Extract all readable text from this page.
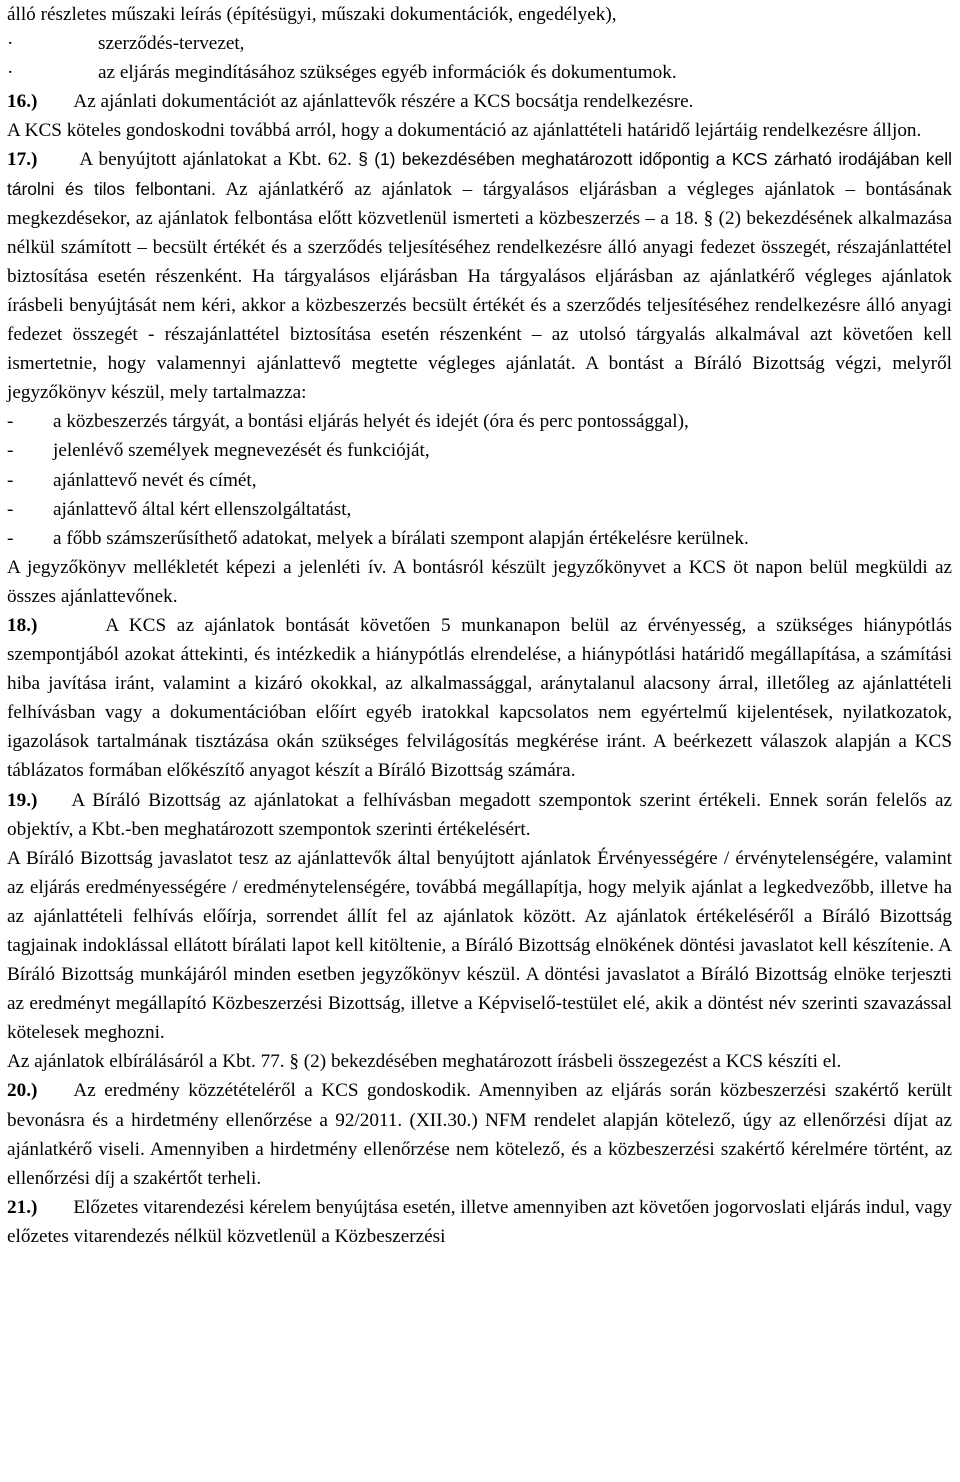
álló részletes műszaki leírás (építésügyi, műszaki dokumentációk, engedélyek),

·	szerződés-tervezet,

·	az eljárás megindításához szükséges egyéb információk és dokumentumok.

16.) Az ajánlati dokumentációt az ajánlattevők részére a KCS bocsátja rendelkezésre.

A KCS köteles gondoskodni továbbá arról, hogy a dokumentáció az ajánlattételi határidő lejártáig rendelkezésre álljon.

17.) A benyújtott ajánlatokat a Kbt. 62. § (1) bekezdésében meghatározott időpontig a KCS zárható irodájában kell tárolni és tilos felbontani. Az ajánlatkérő az ajánlatok – tárgyalásos eljárásban a végleges ajánlatok – bontásának megkezdésekor, az ajánlatok felbontása előtt közvetlenül ismerteti a közbeszerzés – a 18. § (2) bekezdésének alkalmazása nélkül számított – becsült értékét és a szerződés teljesítéséhez rendelkezésre álló anyagi fedezet összegét, részajánlattétel biztosítása esetén részenként. Ha tárgyalásos eljárásban Ha tárgyalásos eljárásban az ajánlatkérő végleges ajánlatok írásbeli benyújtását nem kéri, akkor a közbeszerzés becsült értékét és a szerződés teljesítéséhez rendelkezésre álló anyagi fedezet összegét - részajánlattétel biztosítása esetén részenként – az utolsó tárgyalás alkalmával azt követően kell ismertetnie, hogy valamennyi ajánlattevő megtette végleges ajánlatát. A bontást a Bíráló Bizottság végzi, melyről jegyzőkönyv készül, mely tartalmazza:

-	a közbeszerzés tárgyát, a bontási eljárás helyét és idejét (óra és perc pontossággal),

-	jelenlévő személyek megnevezését és funkcióját,

-	ajánlattevő nevét és címét,

-	ajánlattevő által kért ellenszolgáltatást,

-	a főbb számszerűsíthető adatokat, melyek a bírálati szempont alapján értékelésre kerülnek.

A jegyzőkönyv mellékletét képezi a jelenléti ív. A bontásról készült jegyzőkönyvet a KCS öt napon belül megküldi az összes ajánlattevőnek.

18.)	A KCS az ajánlatok bontását követően 5 munkanapon belül az érvényesség, a szükséges hiánypótlás szempontjából azokat áttekinti, és intézkedik a hiánypótlás elrendelése, a hiánypótlási határidő megállapítása, a számítási hiba javítása iránt, valamint a kizáró okokkal, az alkalmassággal, aránytalanul alacsony árral, illetőleg az ajánlattételi felhívásban vagy a dokumentációban előírt egyéb iratokkal kapcsolatos nem egyértelmű kijelentések, nyilatkozatok, igazolások tartalmának tisztázása okán szükséges felvilágosítás megkérése iránt. A beérkezett válaszok alapján a KCS táblázatos formában előkészítő anyagot készít a Bíráló Bizottság számára.

19.) A Bíráló Bizottság az ajánlatokat a felhívásban megadott szempontok szerint értékeli. Ennek során felelős az objektív, a Kbt.-ben meghatározott szempontok szerinti értékelésért.

A Bíráló Bizottság javaslatot tesz az ajánlattevők által benyújtott ajánlatok Érvényességére / érvénytelenségére, valamint az eljárás eredményességére / eredménytelenségére, továbbá megállapítja, hogy melyik ajánlat a legkedvezőbb, illetve ha az ajánlattételi felhívás előírja, sorrendet állít fel az ajánlatok között. Az ajánlatok értékeléséről a Bíráló Bizottság tagjainak indoklással ellátott bírálati lapot kell kitöltenie, a Bíráló Bizottság elnökének döntési javaslatot kell készítenie. A Bíráló Bizottság munkájáról minden esetben jegyzőkönyv készül. A döntési javaslatot a Bíráló Bizottság elnöke terjeszti az eredményt megállapító Közbeszerzési Bizottság, illetve a Képviselő-testület elé, akik a döntést név szerinti szavazással kötelesek meghozni.

Az ajánlatok elbírálásáról a Kbt. 77. § (2) bekezdésében meghatározott írásbeli összegezést a KCS készíti el.

20.) Az eredmény közzétételéről a KCS gondoskodik. Amennyiben az eljárás során közbeszerzési szakértő került bevonásra és a hirdetmény ellenőrzése a 92/2011. (XII.30.) NFM rendelet alapján kötelező, úgy az ellenőrzési díjat az ajánlatkérő viseli. Amennyiben a hirdetmény ellenőrzése nem kötelező, és a közbeszerzési szakértő kérelmére történt, az ellenőrzési díj a szakértőt terheli.

21.) Előzetes vitarendezési kérelem benyújtása esetén, illetve amennyiben azt követően jogorvoslati eljárás indul, vagy előzetes vitarendezés nélkül közvetlenül a Közbeszerzési
